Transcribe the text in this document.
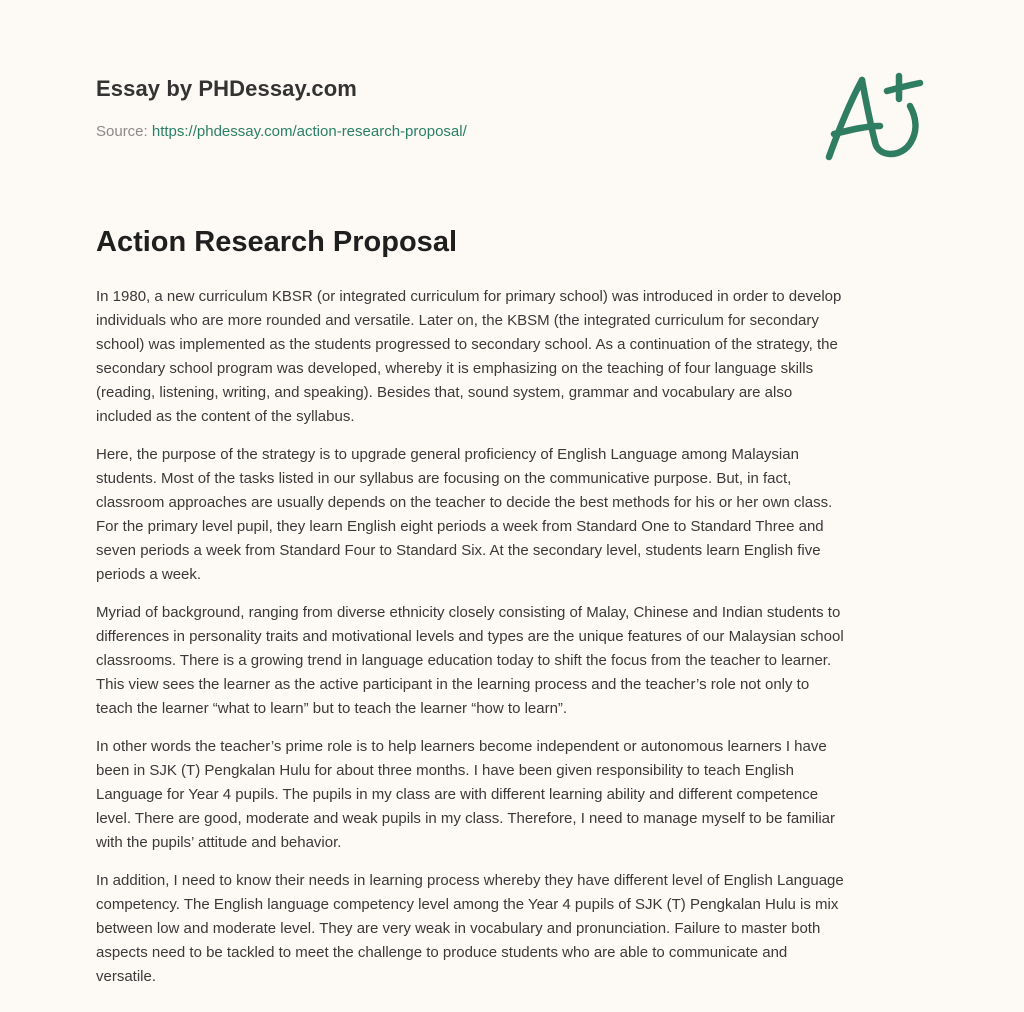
Essay by PHDessay.com
Source: https://phdessay.com/action-research-proposal/
Action Research Proposal

In 1980, a new curriculum KBSR (or integrated curriculum for primary school) was introduced in order to develop
individuals who are more rounded and versatile. Later on, the KBSM (the integrated curriculum for secondary
school) was implemented as the students progressed to secondary school. As a continuation of the strategy, the
secondary school program was developed, whereby it is emphasizing on the teaching of four language skills
(reading, listening, writing, and speaking). Besides that, sound system, grammar and vocabulary are also
included as the content of the syllabus.

Here, the purpose of the strategy is to upgrade general proficiency of English Language among Malaysian
students. Most of the tasks listed in our syllabus are focusing on the communicative purpose. But, in fact,
classroom approaches are usually depends on the teacher to decide the best methods for his or her own class.
For the primary level pupil, they learn English eight periods a week from Standard One to Standard Three and
seven periods a week from Standard Four to Standard Six. At the secondary level, students learn English five
periods a week.

Myriad of background, ranging from diverse ethnicity closely consisting of Malay, Chinese and Indian students to
differences in personality traits and motivational levels and types are the unique features of our Malaysian school
classrooms. There is a growing trend in language education today to shift the focus from the teacher to learner.
This view sees the learner as the active participant in the learning process and the teacher’s role not only to
teach the learner “what to learn” but to teach the learner “how to learn”.

In other words the teacher’s prime role is to help learners become independent or autonomous learners I have
been in SJK (T) Pengkalan Hulu for about three months. I have been given responsibility to teach English
Language for Year 4 pupils. The pupils in my class are with different learning ability and different competence
level. There are good, moderate and weak pupils in my class. Therefore, I need to manage myself to be familiar
with the pupils’ attitude and behavior.

In addition, I need to know their needs in learning process whereby they have different level of English Language
competency. The English language competency level among the Year 4 pupils of SJK (T) Pengkalan Hulu is mix
between low and moderate level. They are very weak in vocabulary and pronunciation. Failure to master both
aspects need to be tackled to meet the challenge to produce students who are able to communicate and
versatile.
